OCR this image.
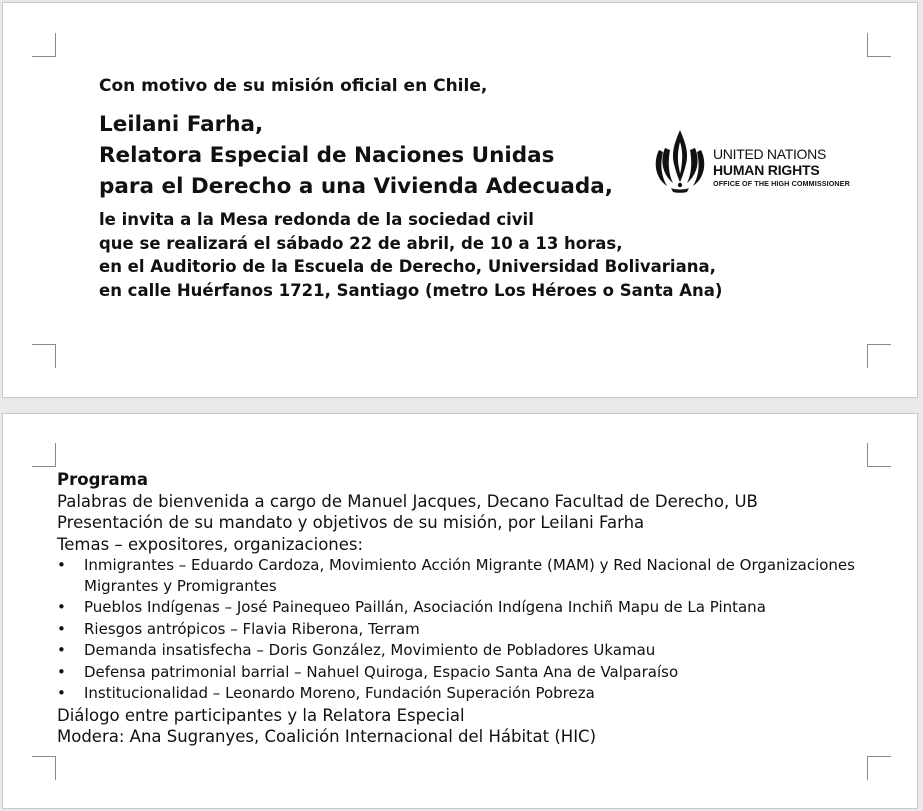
Con motivo de su misión oficial en Chile,
Leilani Farha,
Relatora Especial de Naciones Unidas
para el Derecho a una Vivienda Adecuada,
le invita a la Mesa redonda de la sociedad civil
que se realizará el sábado 22 de abril, de 10 a 13 horas,
en el Auditorio de la Escuela de Derecho, Universidad Bolivariana,
en calle Huérfanos 1721, Santiago (metro Los Héroes o Santa Ana)
UNITED NATIONS
HUMAN RIGHTS
OFFICE OF THE HIGH COMMISSIONER
Programa
Palabras de bienvenida a cargo de Manuel Jacques, Decano Facultad de Derecho, UB
Presentación de su mandato y objetivos de su misión, por Leilani Farha
Temas – expositores, organizaciones:
• Inmigrantes – Eduardo Cardoza, Movimiento Acción Migrante (MAM) y Red Nacional de Organizaciones Migrantes y Promigrantes
• Pueblos Indígenas – José Painequeo Paillán, Asociación Indígena Inchiñ Mapu de La Pintana
• Riesgos antrópicos – Flavia Riberona, Terram
• Demanda insatisfecha – Doris González, Movimiento de Pobladores Ukamau
• Defensa patrimonial barrial – Nahuel Quiroga, Espacio Santa Ana de Valparaíso
• Institucionalidad – Leonardo Moreno, Fundación Superación Pobreza
Diálogo entre participantes y la Relatora Especial
Modera: Ana Sugranyes, Coalición Internacional del Hábitat (HIC)
